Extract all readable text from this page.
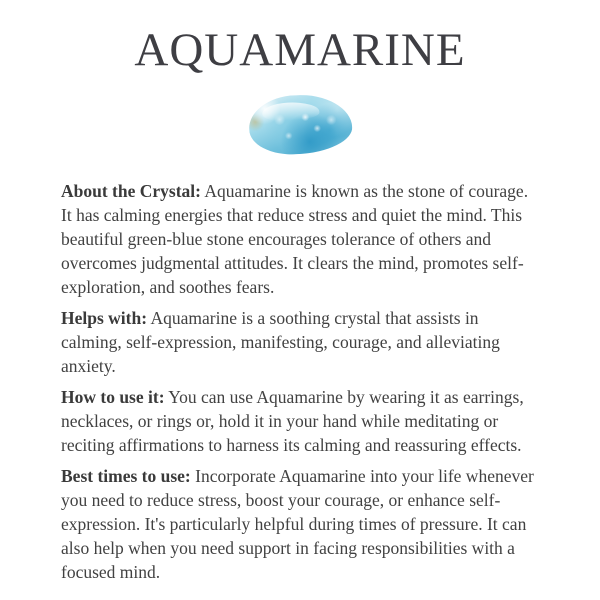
AQUAMARINE

About the Crystal: Aquamarine is known as the stone of courage. It has calming energies that reduce stress and quiet the mind. This beautiful green-blue stone encourages tolerance of others and overcomes judgmental attitudes. It clears the mind, promotes self-exploration, and soothes fears.

Helps with: Aquamarine is a soothing crystal that assists in calming, self-expression, manifesting, courage, and alleviating anxiety.

How to use it: You can use Aquamarine by wearing it as earrings, necklaces, or rings or, hold it in your hand while meditating or reciting affirmations to harness its calming and reassuring effects.

Best times to use: Incorporate Aquamarine into your life whenever you need to reduce stress, boost your courage, or enhance self-expression. It's particularly helpful during times of pressure. It can also help when you need support in facing responsibilities with a focused mind.
